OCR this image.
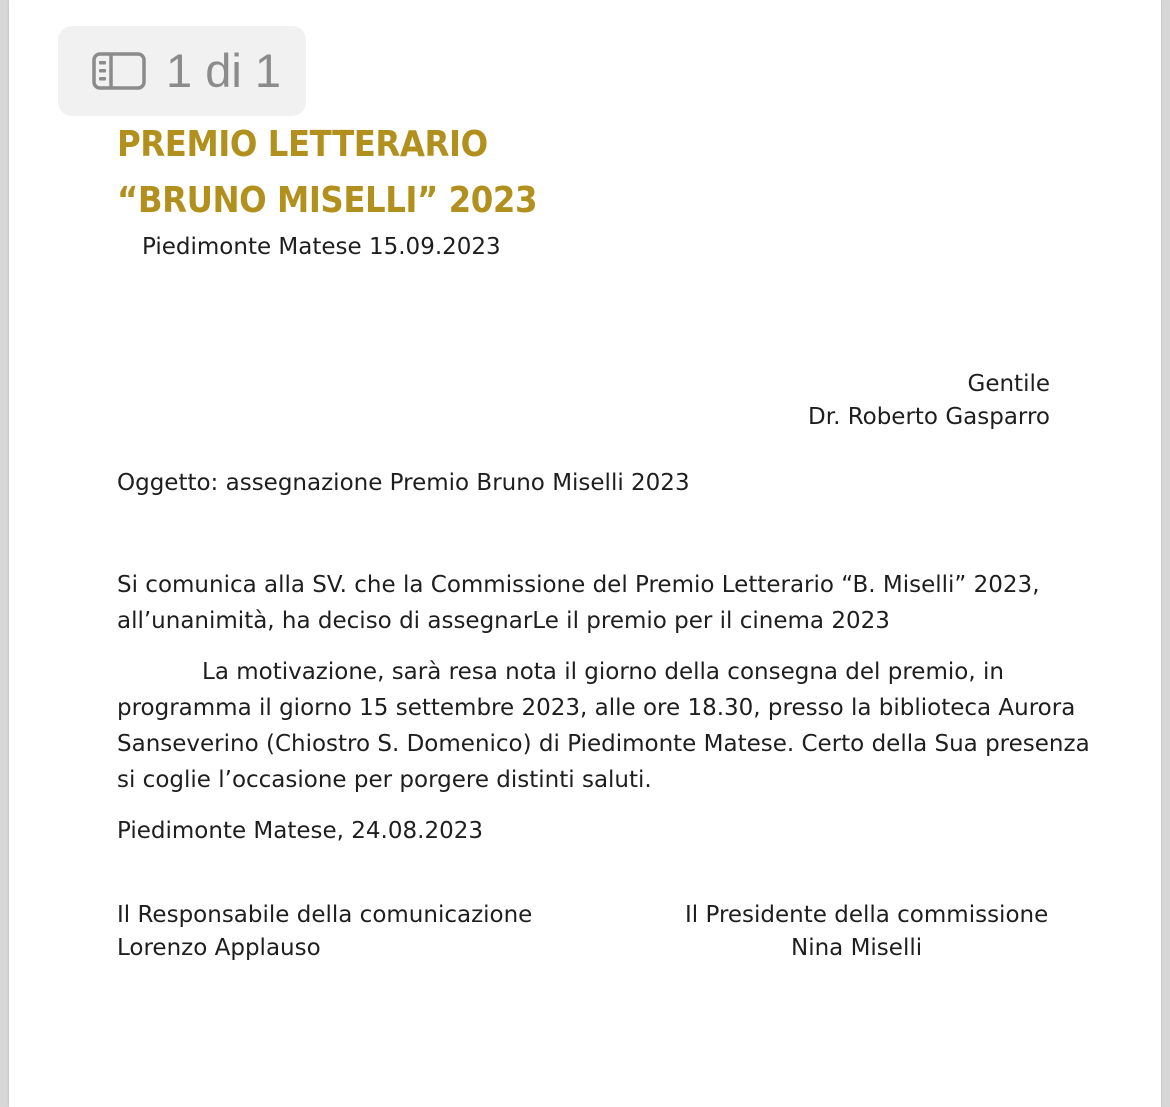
1 di 1
PREMIO LETTERARIO
“BRUNO MISELLI” 2023
Piedimonte Matese 15.09.2023
Gentile
Dr. Roberto Gasparro
Oggetto: assegnazione Premio Bruno Miselli 2023
Si comunica alla SV. che la Commissione del Premio Letterario “B. Miselli” 2023,
all’unanimità, ha deciso di assegnarLe il premio per il cinema 2023
La motivazione, sarà resa nota il giorno della consegna del premio, in
programma il giorno 15 settembre 2023, alle ore 18.30, presso la biblioteca Aurora
Sanseverino (Chiostro S. Domenico) di Piedimonte Matese. Certo della Sua presenza
si coglie l’occasione per porgere distinti saluti.
Piedimonte Matese, 24.08.2023
Il Responsabile della comunicazione
Lorenzo Applauso
Il Presidente della commissione
Nina Miselli
